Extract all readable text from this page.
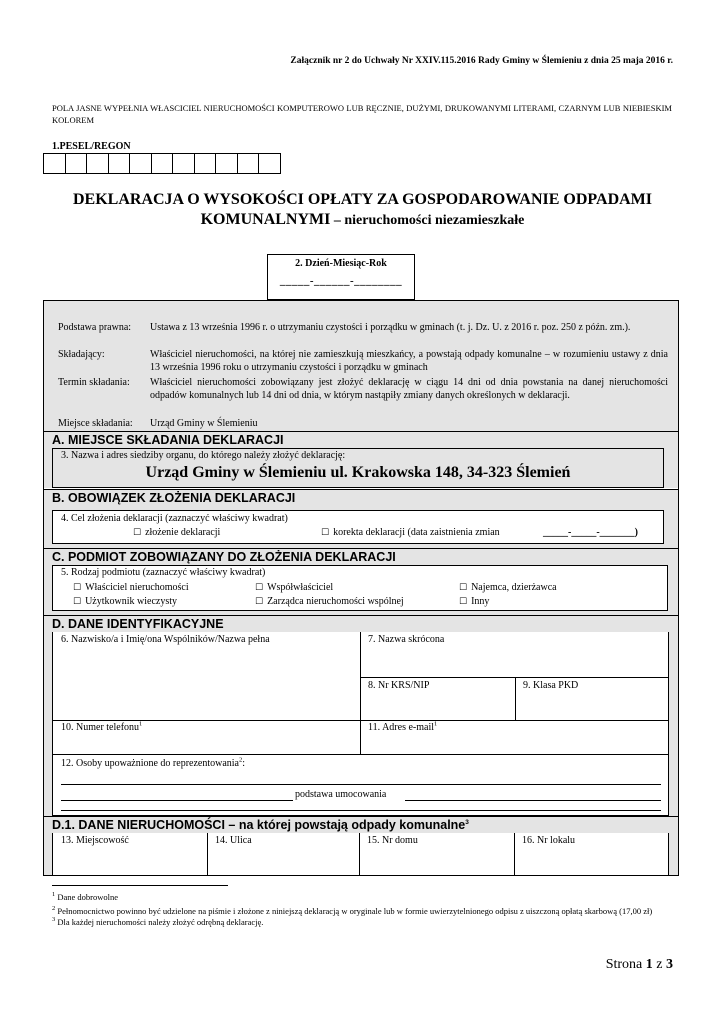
Załącznik nr 2 do Uchwały Nr XXIV.115.2016 Rady Gminy w Ślemieniu z dnia 25 maja 2016 r.
POLA JASNE WYPEŁNIA WŁASCICIEL NIERUCHOMOŚCI KOMPUTEROWO LUB RĘCZNIE, DUŻYMI, DRUKOWANYMI LITERAMI, CZARNYM LUB NIEBIESKIM KOLOREM
1.PESEL/REGON
DEKLARACJA O WYSOKOŚCI OPŁATY ZA GOSPODAROWANIE ODPADAMI
KOMUNALNYMI – nieruchomości niezamieszkałe
2. Dzień-Miesiąc-Rok
_____-______-________
Podstawa prawna:	Ustawa z 13 września 1996 r. o utrzymaniu czystości i porządku w gminach (t. j. Dz. U. z 2016 r. poz. 250 z późn. zm.).
Składający:	Właściciel nieruchomości, na której nie zamieszkują mieszkańcy, a powstają odpady komunalne – w rozumieniu ustawy z dnia 13 września 1996 roku o utrzymaniu czystości i porządku w gminach
Termin składania:	Właściciel nieruchomości zobowiązany jest złożyć deklarację w ciągu 14 dni od dnia powstania na danej nieruchomości odpadów komunalnych lub 14 dni od dnia, w którym nastąpiły zmiany danych określonych w deklaracji.
Miejsce składania:	Urząd Gminy w Ślemieniu
A. MIEJSCE SKŁADANIA DEKLARACJI
3. Nazwa i adres siedziby organu, do którego należy złożyć deklarację:
Urząd Gminy w Ślemieniu ul. Krakowska 148, 34-323 Ślemień
B. OBOWIĄZEK ZŁOŻENIA DEKLARACJI
4. Cel złożenia deklaracji (zaznaczyć właściwy kwadrat)
☐ złożenie deklaracji	☐ korekta deklaracji (data zaistnienia zmian	_____-_____-_______)
C. PODMIOT ZOBOWIĄZANY DO ZŁOŻENIA DEKLARACJI
5. Rodzaj podmiotu (zaznaczyć właściwy kwadrat)
☐ Właściciel nieruchomości	☐ Współwłaściciel	☐ Najemca, dzierżawca
☐ Użytkownik wieczysty	☐ Zarządca nieruchomości wspólnej	☐ Inny
D. DANE IDENTYFIKACYJNE
6. Nazwisko/a i Imię/ona Wspólników/Nazwa pełna	7. Nazwa skrócona
8. Nr KRS/NIP	9. Klasa PKD
10. Numer telefonu$^1$	11. Adres e-mail$^1$
12. Osoby upoważnione do reprezentowania$^2$:
podstawa umocowania
D.1. DANE NIERUCHOMOŚCI – na której powstają odpady komunalne$^3$
13. Miejscowość	14. Ulica	15. Nr domu	16. Nr lokalu
$^1$ Dane dobrowolne
$^2$ Pełnomocnictwo powinno być udzielone na piśmie i złożone z niniejszą deklaracją w oryginale lub w formie uwierzytelnionego odpisu z uiszczoną opłatą skarbową (17,00 zł)
$^3$ Dla każdej nieruchomości należy złożyć odrębną deklarację.
Strona 1 z 3
